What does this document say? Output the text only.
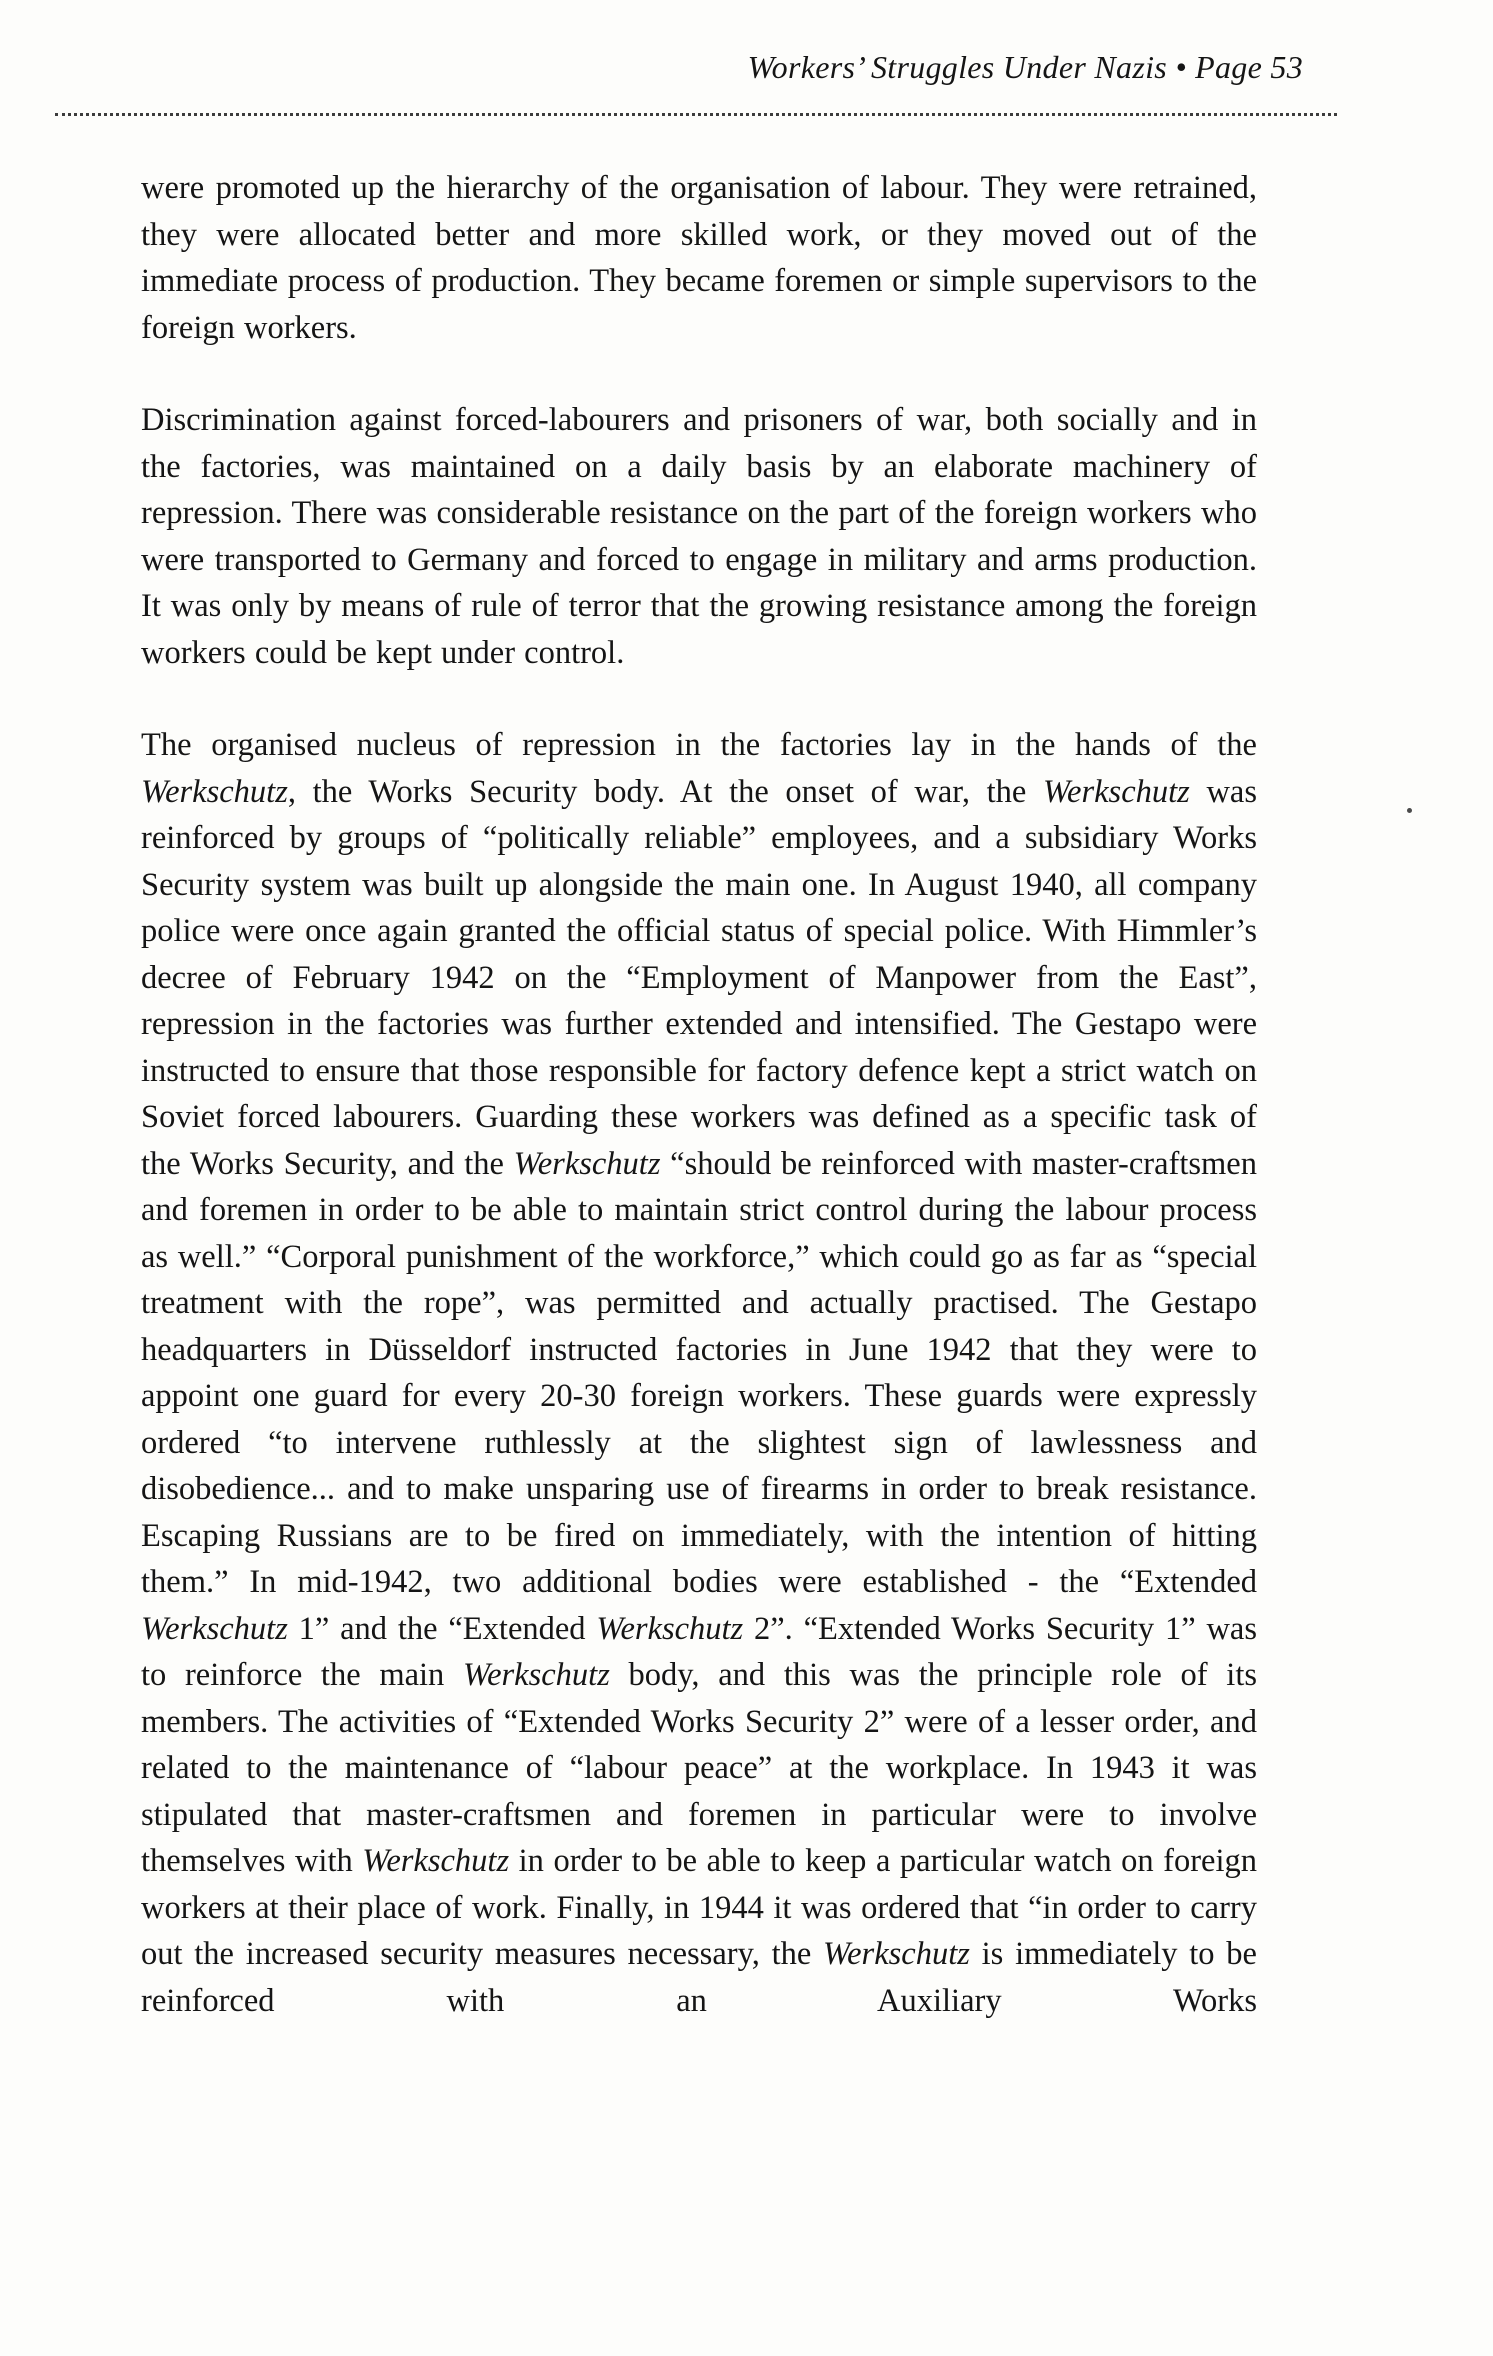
Workers’ Struggles Under Nazis • Page 53

were promoted up the hierarchy of the organisation of labour. They were retrained, they were allocated better and more skilled work, or they moved out of the immediate process of production. They became foremen or simple supervisors to the foreign workers.

Discrimination against forced-labourers and prisoners of war, both socially and in the factories, was maintained on a daily basis by an elaborate machinery of repression. There was considerable resistance on the part of the foreign workers who were transported to Germany and forced to engage in military and arms production. It was only by means of rule of terror that the growing resistance among the foreign workers could be kept under control.

The organised nucleus of repression in the factories lay in the hands of the Werkschutz, the Works Security body. At the onset of war, the Werkschutz was reinforced by groups of “politically reliable” employees, and a subsidiary Works Security system was built up alongside the main one. In August 1940, all company police were once again granted the official status of special police. With Himmler’s decree of February 1942 on the “Employment of Manpower from the East”, repression in the factories was further extended and intensified. The Gestapo were instructed to ensure that those responsible for factory defence kept a strict watch on Soviet forced labourers. Guarding these workers was defined as a specific task of the Works Security, and the Werkschutz “should be reinforced with master-craftsmen and foremen in order to be able to maintain strict control during the labour process as well.” “Corporal punishment of the workforce,” which could go as far as “special treatment with the rope”, was permitted and actually practised. The Gestapo headquarters in Düsseldorf instructed factories in June 1942 that they were to appoint one guard for every 20-30 foreign workers. These guards were expressly ordered “to intervene ruthlessly at the slightest sign of lawlessness and disobedience... and to make unsparing use of firearms in order to break resistance. Escaping Russians are to be fired on immediately, with the intention of hitting them.” In mid-1942, two additional bodies were established - the “Extended Werkschutz 1” and the “Extended Werkschutz 2”. “Extended Works Security 1” was to reinforce the main Werkschutz body, and this was the principle role of its members. The activities of “Extended Works Security 2” were of a lesser order, and related to the maintenance of “labour peace” at the workplace. In 1943 it was stipulated that master-craftsmen and foremen in particular were to involve themselves with Werkschutz in order to be able to keep a particular watch on foreign workers at their place of work. Finally, in 1944 it was ordered that “in order to carry out the increased security measures necessary, the Werkschutz is immediately to be reinforced with an Auxiliary Works
